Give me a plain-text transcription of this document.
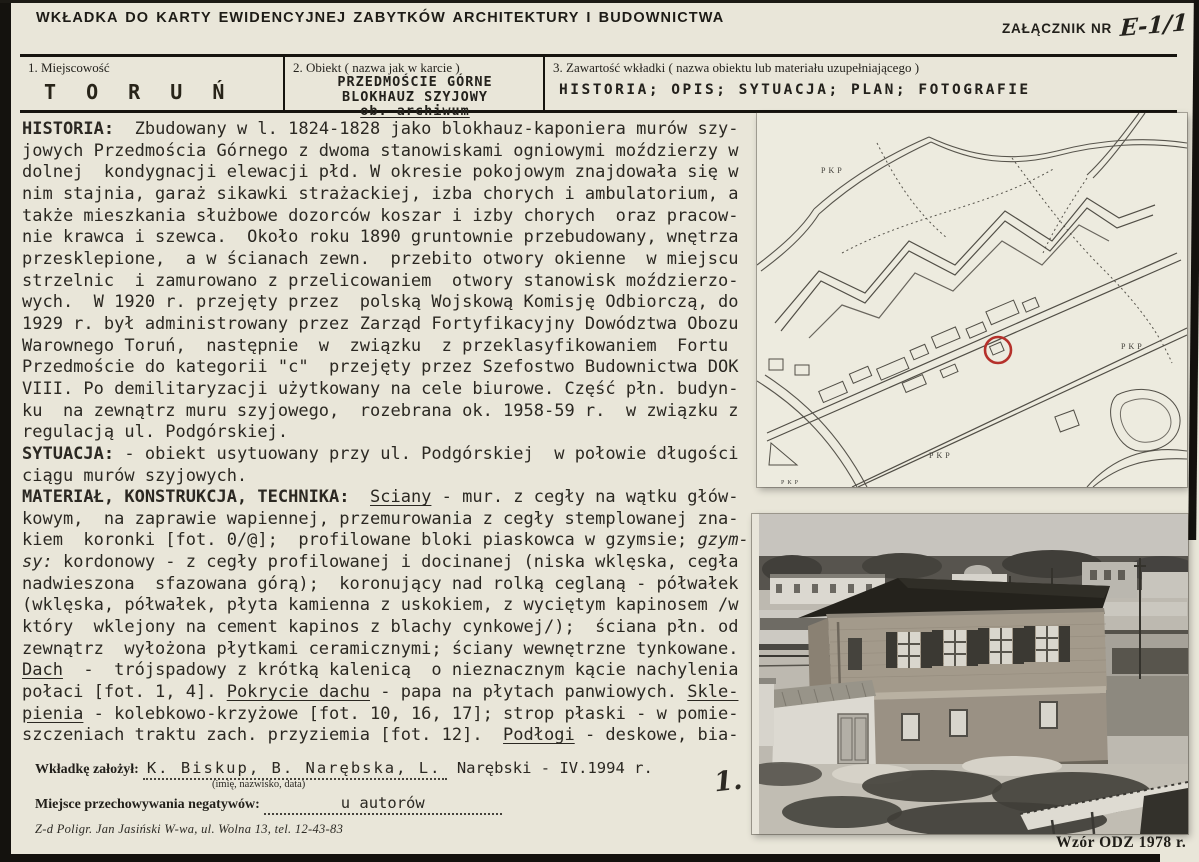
WKŁADKA DO KARTY EWIDENCYJNEJ ZABYTKÓW ARCHITEKTURY I BUDOWNICTWA
ZAŁĄCZNIK NR E-1/1
1. Miejscowość
T O R U Ń
2. Obiekt ( nazwa jak w karcie )
PRZEDMOŚCIE GÓRNE
BLOKHAUZ SZYJOWY
ob. archiwum
3. Zawartość wkładki ( nazwa obiektu lub materiału uzupełniającego )
HISTORIA; OPIS; SYTUACJA; PLAN; FOTOGRAFIE
HISTORIA:  Zbudowany w l. 1824-1828 jako blokhauz-kaponiera murów szy-
jowych Przedmościa Górnego z dwoma stanowiskami ogniowymi moździerzy w
dolnej  kondygnacji elewacji płd. W okresie pokojowym znajdowała się w
nim stajnia, garaż sikawki strażackiej, izba chorych i ambulatorium, a
także mieszkania służbowe dozorców koszar i izby chorych  oraz pracow-
nie krawca i szewca.  Około roku 1890 gruntownie przebudowany, wnętrza
przesklepione,  a w ścianach zewn.  przebito otwory okienne  w miejscu
strzelnic  i zamurowano z przelicowaniem  otwory stanowisk moździerzo-
wych.  W 1920 r. przejęty przez  polską Wojskową Komisję Odbiorczą, do
1929 r. był administrowany przez Zarząd Fortyfikacyjny Dowództwa Obozu
Warownego Toruń,  następnie  w  związku  z przeklasyfikowaniem  Fortu
Przedmoście do kategorii "c"  przejęty przez Szefostwo Budownictwa DOK
VIII. Po demilitaryzacji użytkowany na cele biurowe. Część płn. budyn-
ku  na zewnątrz muru szyjowego,  rozebrana ok. 1958-59 r.  w związku z
regulacją ul. Podgórskiej.
SYTUACJA: - obiekt usytuowany przy ul. Podgórskiej  w połowie długości
ciągu murów szyjowych.
MATERIAŁ, KONSTRUKCJA, TECHNIKA: Sciany - mur. z cegły na wątku głów-
kowym,  na zaprawie wapiennej, przemurowania z cegły stemplowanej zna-
kiem  koronki [fot. 0/@];  profilowane bloki piaskowca w gzymsie; gzym-
sy: kordonowy - z cegły profilowanej i docinanej (niska wklęska, cegła
nadwieszona  sfazowana górą);  koronujący nad rolką ceglaną - półwałek
(wklęska, półwałek, płyta kamienna z uskokiem, z wyciętym kapinosem /w
który  wklejony na cement kapinos z blachy cynkowej/);  ściana płn. od
zewnątrz  wyłożona płytkami ceramicznymi; ściany wewnętrzne tynkowane.
Dach  -  trójspadowy z krótką kalenicą  o nieznacznym kącie nachylenia
połaci [fot. 1, 4]. Pokrycie dachu - papa na płytach panwiowych. Skle-
pienia - kolebkowo-krzyżowe [fot. 10, 16, 17]; strop płaski - w pomie-
szczeniach traktu zach. przyziemia [fot. 12].  Podłogi - deskowe, bia-
PKP
PKP
PKP
PKP
1.
Wzór ODZ 1978 r.
Wkładkę założył: K. Biskup, B. Narębska, L. Narębski - IV.1994 r.
(imię, nazwisko, data)
Miejsce przechowywania negatywów:	u autorów
Z-d Poligr. Jan Jasiński W-wa, ul. Wolna 13, tel. 12-43-83
